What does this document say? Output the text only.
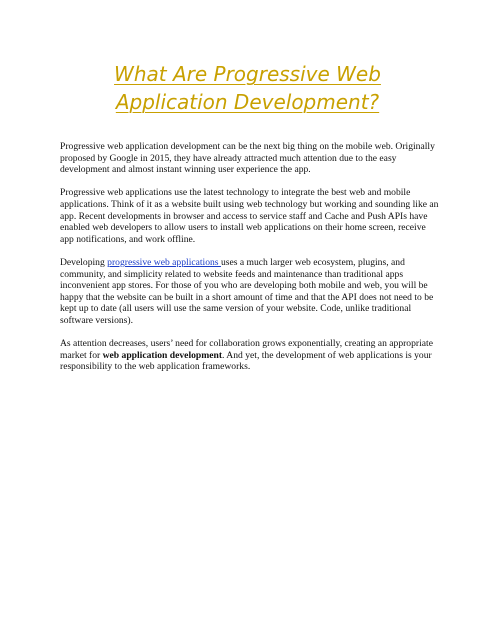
What Are Progressive Web Application Development?

Progressive web application development can be the next big thing on the mobile web. Originally proposed by Google in 2015, they have already attracted much attention due to the easy development and almost instant winning user experience the app.

Progressive web applications use the latest technology to integrate the best web and mobile applications. Think of it as a website built using web technology but working and sounding like an app. Recent developments in browser and access to service staff and Cache and Push APIs have enabled web developers to allow users to install web applications on their home screen, receive app notifications, and work offline.

Developing progressive web applications uses a much larger web ecosystem, plugins, and community, and simplicity related to website feeds and maintenance than traditional apps inconvenient app stores. For those of you who are developing both mobile and web, you will be happy that the website can be built in a short amount of time and that the API does not need to be kept up to date (all users will use the same version of your website. Code, unlike traditional software versions).

As attention decreases, users’ need for collaboration grows exponentially, creating an appropriate market for web application development. And yet, the development of web applications is your responsibility to the web application frameworks.
